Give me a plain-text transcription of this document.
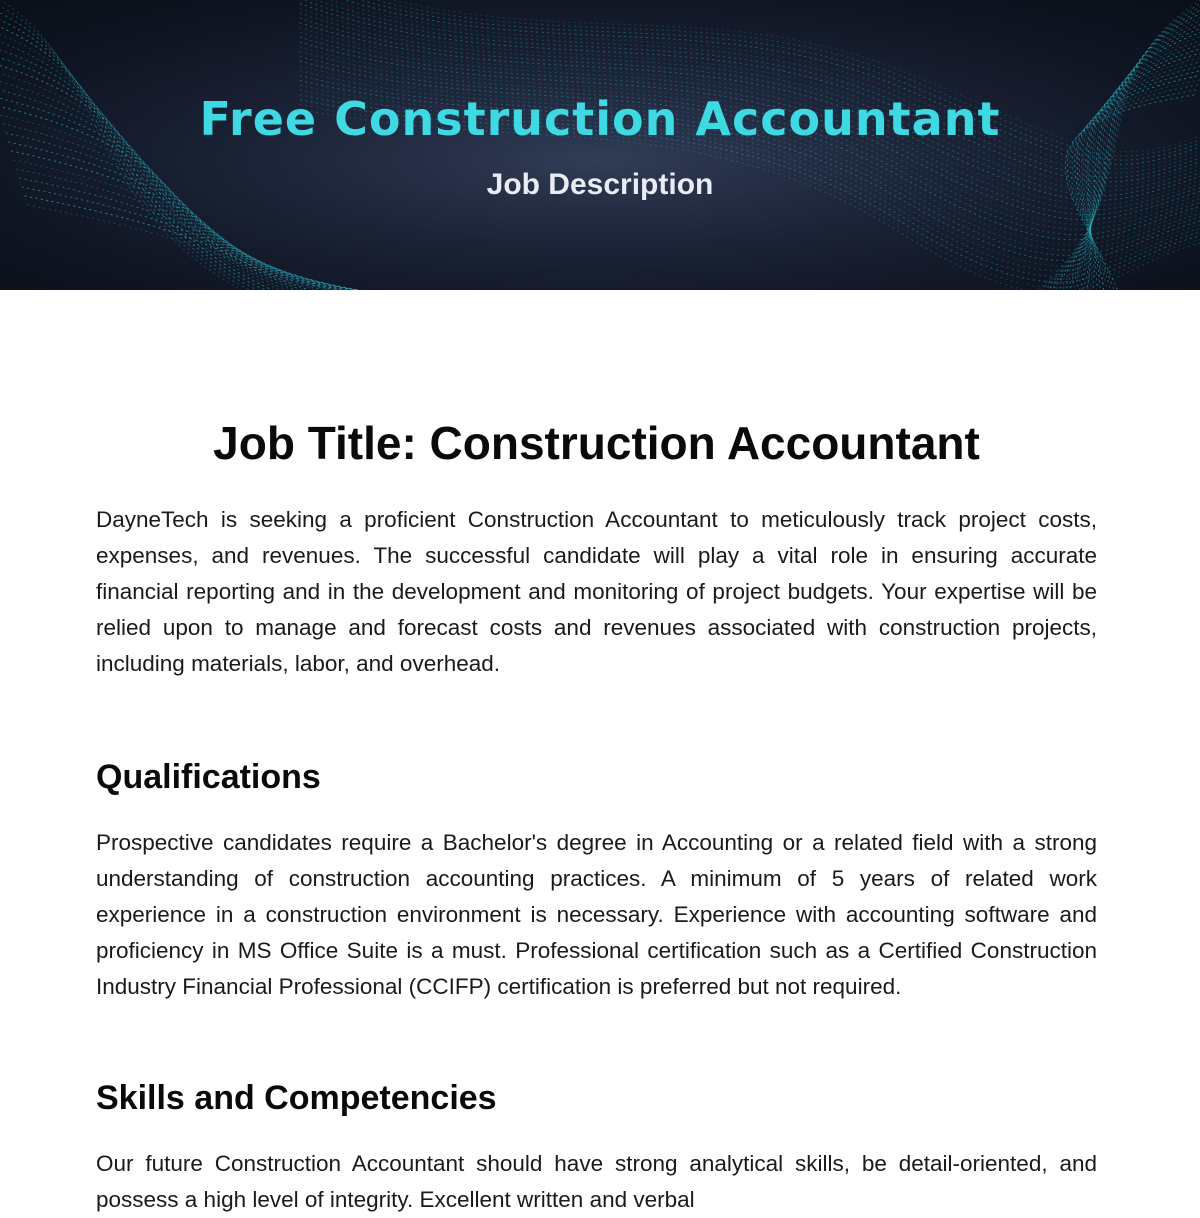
Free Construction Accountant
Job Description
Job Title: Construction Accountant

DayneTech is seeking a proficient Construction Accountant to meticulously track project costs, expenses, and revenues. The successful candidate will play a vital role in ensuring accurate financial reporting and in the development and monitoring of project budgets. Your expertise will be relied upon to manage and forecast costs and revenues associated with construction projects, including materials, labor, and overhead.

Qualifications

Prospective candidates require a Bachelor's degree in Accounting or a related field with a strong understanding of construction accounting practices. A minimum of 5 years of related work experience in a construction environment is necessary. Experience with accounting software and proficiency in MS Office Suite is a must. Professional certification such as a Certified Construction Industry Financial Professional (CCIFP) certification is preferred but not required.

Skills and Competencies

Our future Construction Accountant should have strong analytical skills, be detail-oriented, and possess a high level of integrity. Excellent written and verbal
